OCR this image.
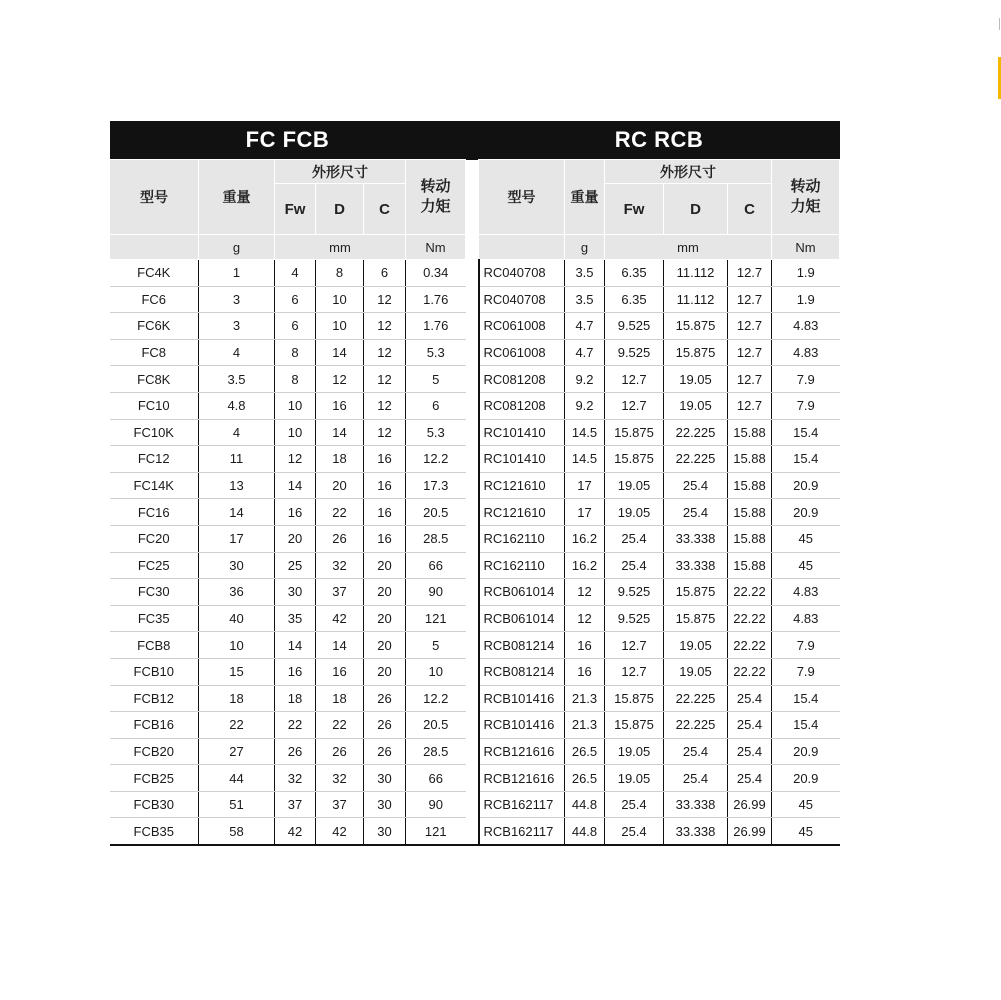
FC FCB							RC RCB					
型号	重量	外形尺寸			转动力矩		型号	重量	外形尺寸			转动力矩

		Fw	D	C					Fw	D	C	
	g	mm			Nm			g	mm			Nm
FC4K	1	4	8	6	0.34		RC040708	3.5	6.35	11.112	12.7	1.9
FC6	3	6	10	12	1.76		RC040708	3.5	6.35	11.112	12.7	1.9
FC6K	3	6	10	12	1.76		RC061008	4.7	9.525	15.875	12.7	4.83
FC8	4	8	14	12	5.3		RC061008	4.7	9.525	15.875	12.7	4.83
FC8K	3.5	8	12	12	5		RC081208	9.2	12.7	19.05	12.7	7.9
FC10	4.8	10	16	12	6		RC081208	9.2	12.7	19.05	12.7	7.9
FC10K	4	10	14	12	5.3		RC101410	14.5	15.875	22.225	15.88	15.4
FC12	11	12	18	16	12.2		RC101410	14.5	15.875	22.225	15.88	15.4
FC14K	13	14	20	16	17.3		RC121610	17	19.05	25.4	15.88	20.9
FC16	14	16	22	16	20.5		RC121610	17	19.05	25.4	15.88	20.9
FC20	17	20	26	16	28.5		RC162110	16.2	25.4	33.338	15.88	45
FC25	30	25	32	20	66		RC162110	16.2	25.4	33.338	15.88	45
FC30	36	30	37	20	90		RCB061014	12	9.525	15.875	22.22	4.83
FC35	40	35	42	20	121		RCB061014	12	9.525	15.875	22.22	4.83
FCB8	10	14	14	20	5		RCB081214	16	12.7	19.05	22.22	7.9
FCB10	15	16	16	20	10		RCB081214	16	12.7	19.05	22.22	7.9
FCB12	18	18	18	26	12.2		RCB101416	21.3	15.875	22.225	25.4	15.4
FCB16	22	22	22	26	20.5		RCB101416	21.3	15.875	22.225	25.4	15.4
FCB20	27	26	26	26	28.5		RCB121616	26.5	19.05	25.4	25.4	20.9
FCB25	44	32	32	30	66		RCB121616	26.5	19.05	25.4	25.4	20.9
FCB30	51	37	37	30	90		RCB162117	44.8	25.4	33.338	26.99	45
FCB35	58	42	42	30	121		RCB162117	44.8	25.4	33.338	26.99	45
